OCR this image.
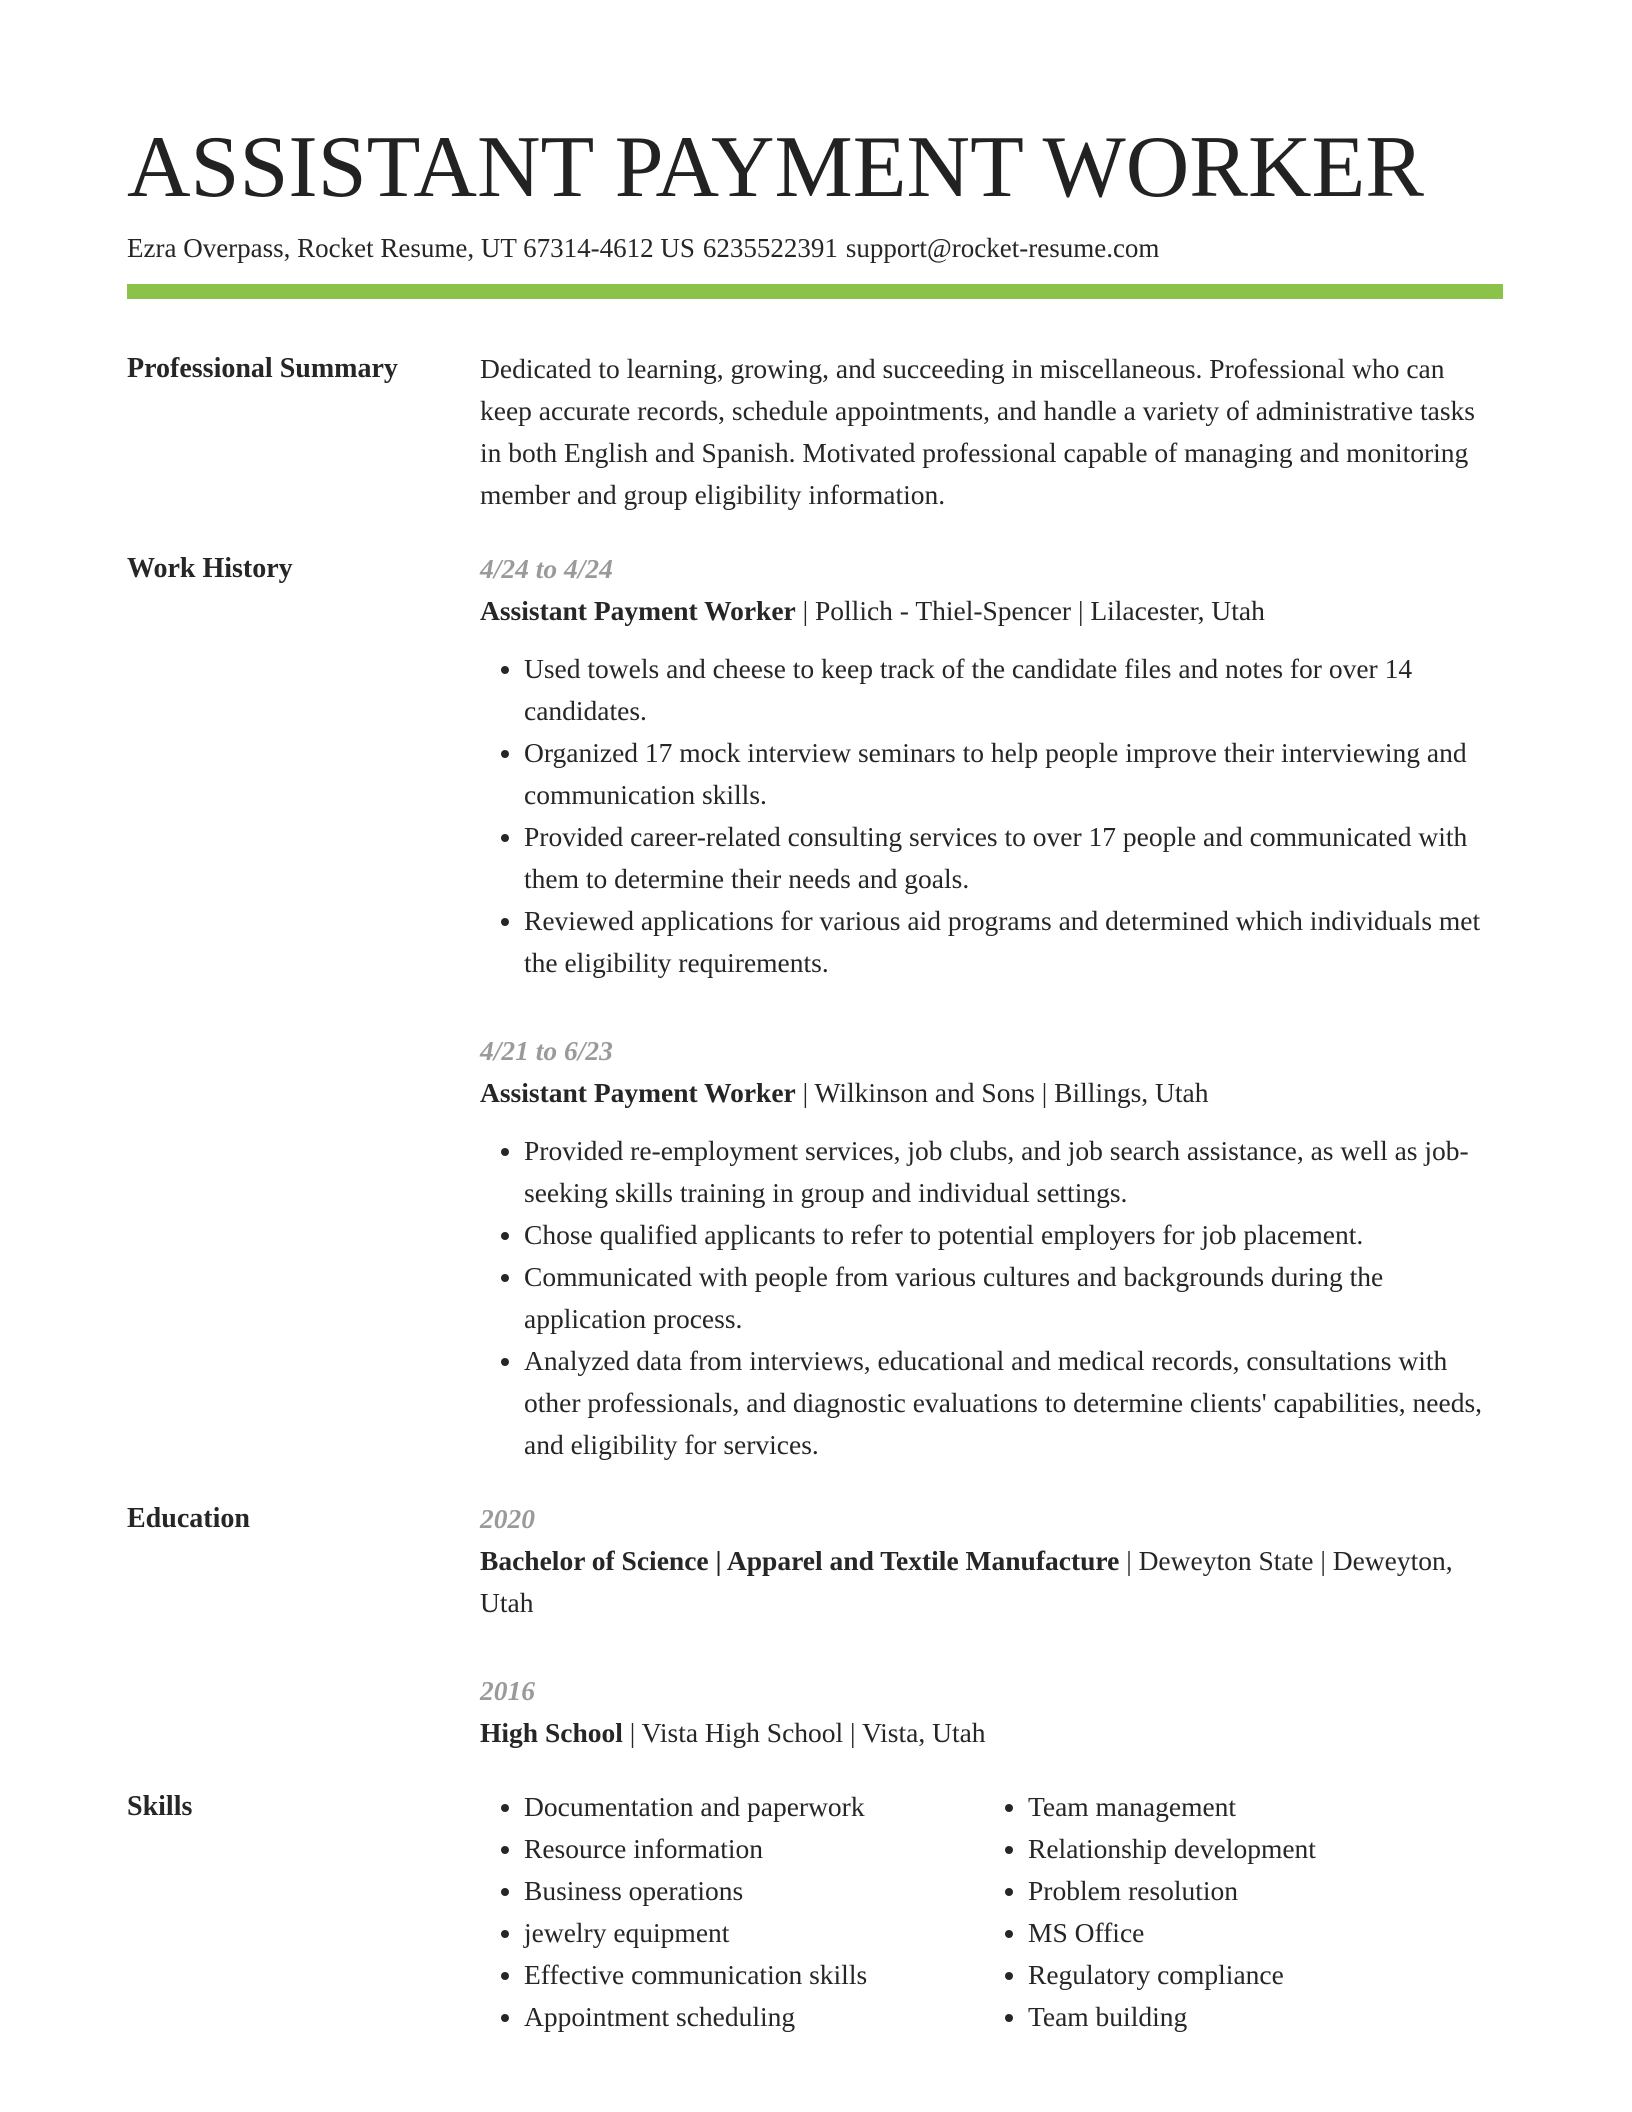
ASSISTANT PAYMENT WORKER
Ezra Overpass, Rocket Resume, UT 67314-4612 US 6235522391 support@rocket-resume.com
Professional Summary	Dedicated to learning, growing, and succeeding in miscellaneous. Professional who can keep accurate records, schedule appointments, and handle a variety of administrative tasks in both English and Spanish. Motivated professional capable of managing and monitoring member and group eligibility information.
Work History	4/24 to 4/24
Assistant Payment Worker | Pollich - Thiel-Spencer | Lilacester, Utah
• Used towels and cheese to keep track of the candidate files and notes for over 14 candidates.
• Organized 17 mock interview seminars to help people improve their interviewing and communication skills.
• Provided career-related consulting services to over 17 people and communicated with them to determine their needs and goals.
• Reviewed applications for various aid programs and determined which individuals met the eligibility requirements.
4/21 to 6/23
Assistant Payment Worker | Wilkinson and Sons | Billings, Utah
• Provided re-employment services, job clubs, and job search assistance, as well as job-seeking skills training in group and individual settings.
• Chose qualified applicants to refer to potential employers for job placement.
• Communicated with people from various cultures and backgrounds during the application process.
• Analyzed data from interviews, educational and medical records, consultations with other professionals, and diagnostic evaluations to determine clients' capabilities, needs, and eligibility for services.
Education	2020
Bachelor of Science | Apparel and Textile Manufacture | Deweyton State | Deweyton, Utah
2016
High School | Vista High School | Vista, Utah
Skills
•	Documentation and paperwork
• Resource information
• Business operations
• jewelry equipment
• Effective communication skills
• Appointment scheduling
• Team management
• Relationship development
• Problem resolution
• MS Office
• Regulatory compliance
• Team building
